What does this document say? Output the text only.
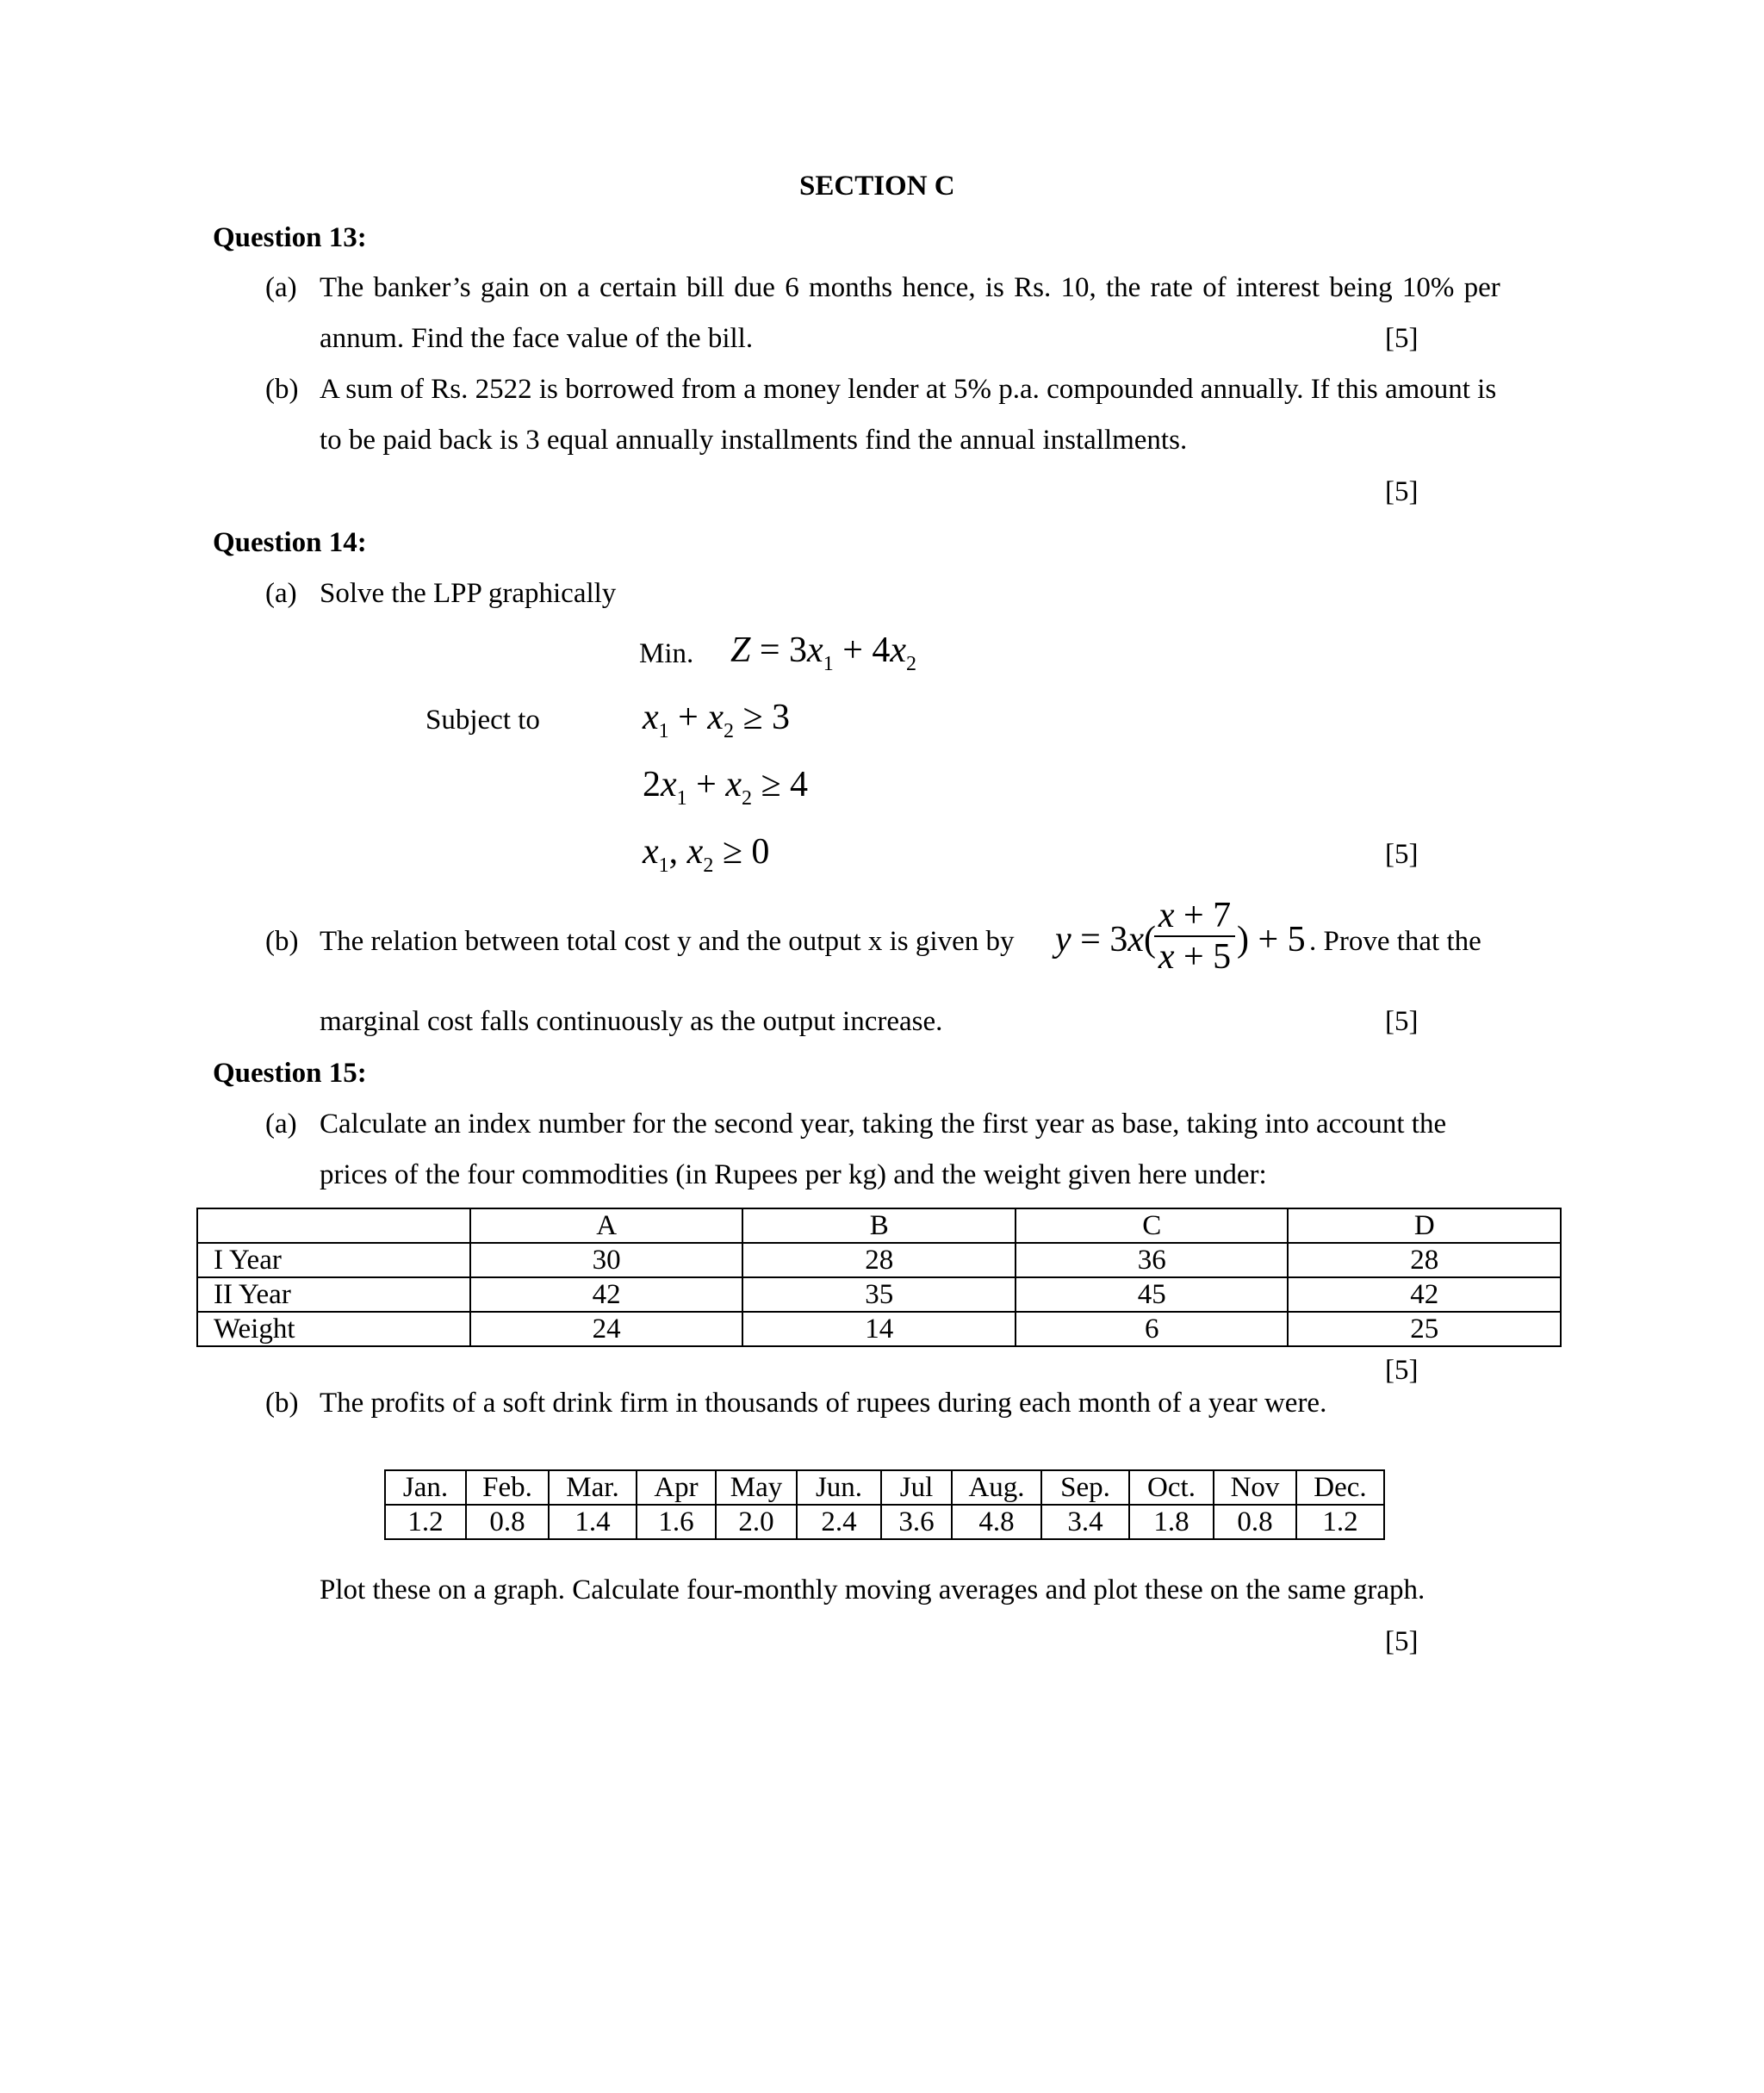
SECTION C
Question 13:
(a) The banker’s gain on a certain bill due 6 months hence, is Rs. 10, the rate of interest being 10% per
annum. Find the face value of the bill.	[5]
(b) A sum of Rs. 2522 is borrowed from a money lender at 5% p.a. compounded annually. If this amount is
to be paid back is 3 equal annually installments find the annual installments.
[5]
Question 14:
(a) Solve the LPP graphically
Min. $Z = 3x_1 + 4x_2$
Subject to	$x_1 + x_2 \ge 3$
$2x_1 + x_2 \ge 4$
$x_1$, $x_2 \ge 0$	[5]
(b) The relation between total cost y and the output x is given by y = 3x(
$\frac{x + 7}{x + 5}$ ) + 5 . Prove that the
marginal cost falls continuously as the output increase.	[5]
Question 15:
(a) Calculate an index number for the second year, taking the first year as base, taking into account the
prices of the four commodities (in Rupees per kg) and the weight given here under:
	A	B	C	D
I Year	30	28	36	28
II Year	42	35	45	42
Weight	24	14	6	25
[5]
(b) The profits of a soft drink firm in thousands of rupees during each month of a year were.
Jan.	Feb.	Mar.	Apr	May	Jun.	Jul	Aug.	Sep.	Oct.	Nov	Dec.
1.2	0.8	1.4	1.6	2.0	2.4	3.6	4.8	3.4	1.8	0.8	1.2
Plot these on a graph. Calculate four-monthly moving averages and plot these on the same graph.
[5]
